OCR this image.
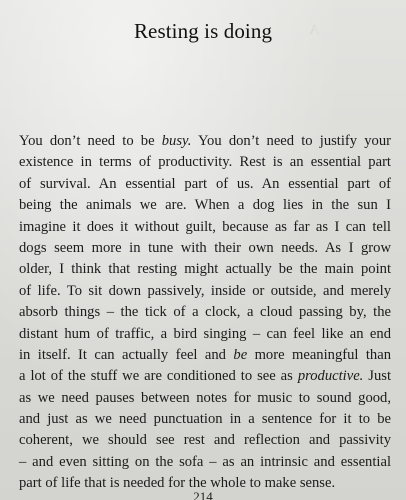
A
Resting is doing
You don’t need to be busy. You don’t need to justify your
existence in terms of productivity. Rest is an essential part
of survival. An essential part of us. An essential part of
being the animals we are. When a dog lies in the sun I
imagine it does it without guilt, because as far as I can tell
dogs seem more in tune with their own needs. As I grow
older, I think that resting might actually be the main point
of life. To sit down passively, inside or outside, and merely
absorb things – the tick of a clock, a cloud passing by, the
distant hum of traffic, a bird singing – can feel like an end
in itself. It can actually feel and be more meaningful than
a lot of the stuff we are conditioned to see as productive. Just
as we need pauses between notes for music to sound good,
and just as we need punctuation in a sentence for it to be
coherent, we should see rest and reflection and passivity
– and even sitting on the sofa – as an intrinsic and essential
part of life that is needed for the whole to make sense.
214
